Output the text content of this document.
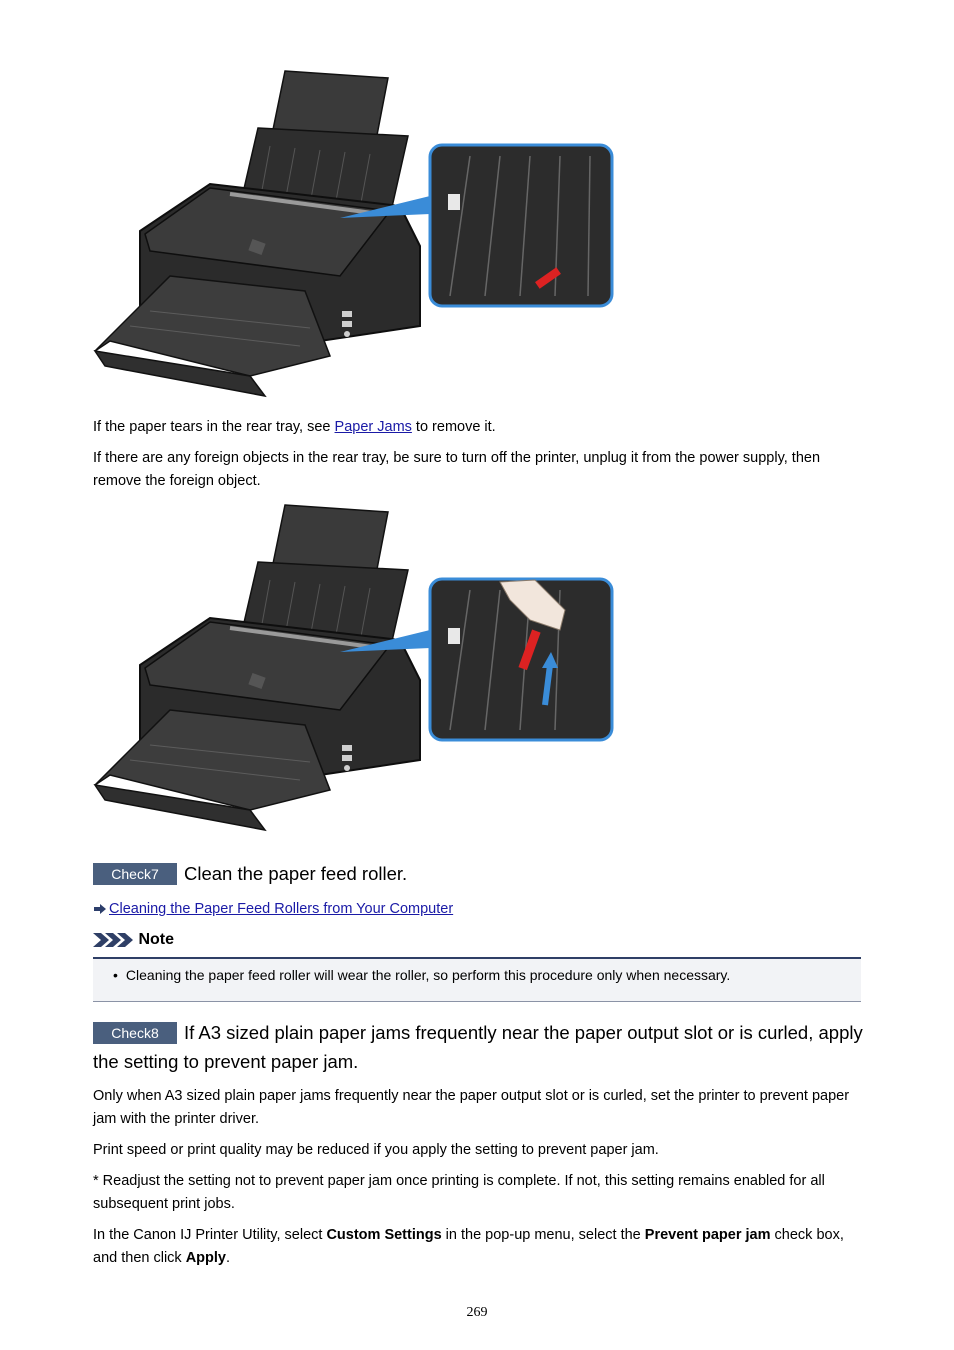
If the paper tears in the rear tray, see Paper Jams to remove it.

If there are any foreign objects in the rear tray, be sure to turn off the printer, unplug it from the power supply, then remove the foreign object.

Check7	Clean the paper feed roller.
Cleaning the Paper Feed Rollers from Your Computer
Note
• Cleaning the paper feed roller will wear the roller, so perform this procedure only when necessary.
Check8	If A3 sized plain paper jams frequently near the paper output slot or is curled, apply the setting to prevent paper jam.

Only when A3 sized plain paper jams frequently near the paper output slot or is curled, set the printer to prevent paper jam with the printer driver.

Print speed or print quality may be reduced if you apply the setting to prevent paper jam.

* Readjust the setting not to prevent paper jam once printing is complete. If not, this setting remains enabled for all subsequent print jobs.

In the Canon IJ Printer Utility, select Custom Settings in the pop-up menu, select the Prevent paper jam check box, and then click Apply.

269
